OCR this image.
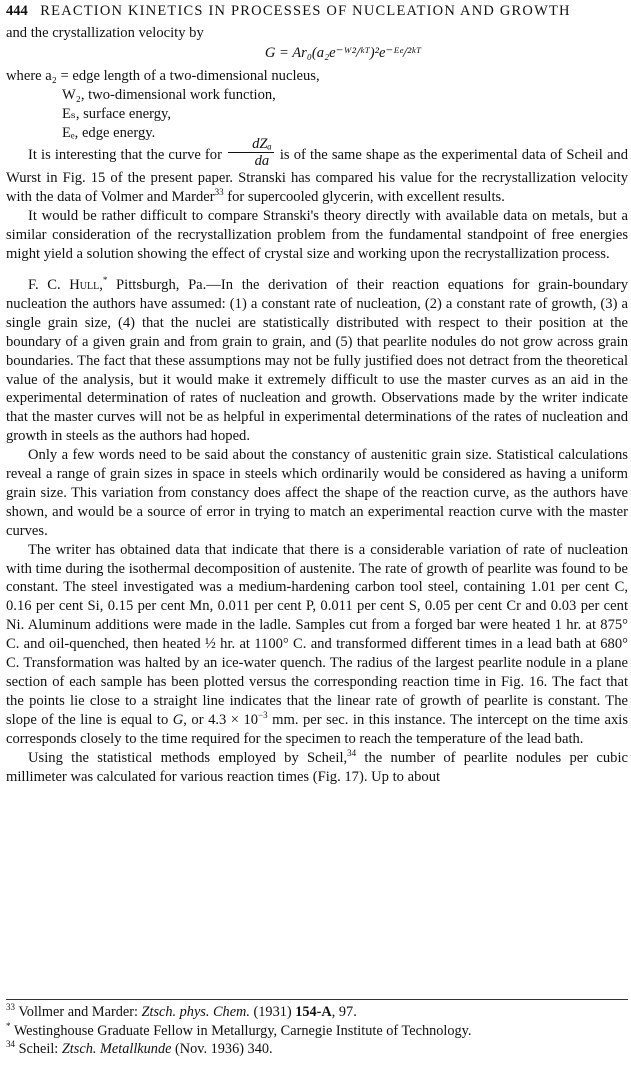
444 REACTION KINETICS IN PROCESSES OF NUCLEATION AND GROWTH

and the crystallization velocity by

G = Ar₀(a₂e⁻ᵂ²/ᵏᵀ)²e⁻ᴱᵉ/²ᵏᵀ
where a₂ = edge length of a two-dimensional nucleus,
W₂, two-dimensional work function,
Eₛ, surface energy,
Eₑ, edge energy.

It is interesting that the curve for $\frac{\text{dZₐ}}{da}$ is of the same shape as the experimental data of Scheil and Wurst in Fig. 15 of the present paper. Stranski has compared his value for the recrystallization velocity with the data of Volmer and Marder$^{33}$ for supercooled glycerin, with excellent results.

It would be rather difficult to compare Stranski's theory directly with available data on metals, but a similar consideration of the recrystallization problem from the fundamental standpoint of free energies might yield a solution showing the effect of crystal size and working upon the recrystallization process.

F. C. Hull,* Pittsburgh, Pa.—In the derivation of their reaction equations for grain-boundary nucleation the authors have assumed: (1) a constant rate of nucleation, (2) a constant rate of growth, (3) a single grain size, (4) that the nuclei are statistically distributed with respect to their position at the boundary of a given grain and from grain to grain, and (5) that pearlite nodules do not grow across grain boundaries. The fact that these assumptions may not be fully justified does not detract from the theoretical value of the analysis, but it would make it extremely difficult to use the master curves as an aid in the experimental determination of rates of nucleation and growth. Observations made by the writer indicate that the master curves will not be as helpful in experimental determinations of the rates of nucleation and growth in steels as the authors had hoped.

Only a few words need to be said about the constancy of austenitic grain size. Statistical calculations reveal a range of grain sizes in space in steels which ordinarily would be considered as having a uniform grain size. This variation from constancy does affect the shape of the reaction curve, as the authors have shown, and would be a source of error in trying to match an experimental reaction curve with the master curves.

The writer has obtained data that indicate that there is a considerable variation of rate of nucleation with time during the isothermal decomposition of austenite. The rate of growth of pearlite was found to be constant. The steel investigated was a medium-hardening carbon tool steel, containing 1.01 per cent C, 0.16 per cent Si, 0.15 per cent Mn, 0.011 per cent P, 0.011 per cent S, 0.05 per cent Cr and 0.03 per cent Ni. Aluminum additions were made in the ladle. Samples cut from a forged bar were heated 1 hr. at 875° C. and oil-quenched, then heated ½ hr. at 1100° C. and transformed different times in a lead bath at 680° C. Transformation was halted by an ice-water quench. The radius of the largest pearlite nodule in a plane section of each sample has been plotted versus the corresponding reaction time in Fig. 16. The fact that the points lie close to a straight line indicates that the linear rate of growth of pearlite is constant. The slope of the line is equal to G, or $4.3 \times 10^{-3}$ mm. per sec. in this instance. The intercept on the time axis corresponds closely to the time required for the specimen to reach the temperature of the lead bath.

Using the statistical methods employed by Scheil,$^{34}$ the number of pearlite nodules per cubic millimeter was calculated for various reaction times (Fig. 17). Up to about

$^{33}$ Vollmer and Marder: Ztsch. phys. Chem. (1931) 154-A, 97.
* Westinghouse Graduate Fellow in Metallurgy, Carnegie Institute of Technology.
$^{34}$ Scheil: Ztsch. Metallkunde (Nov. 1936) 340.
